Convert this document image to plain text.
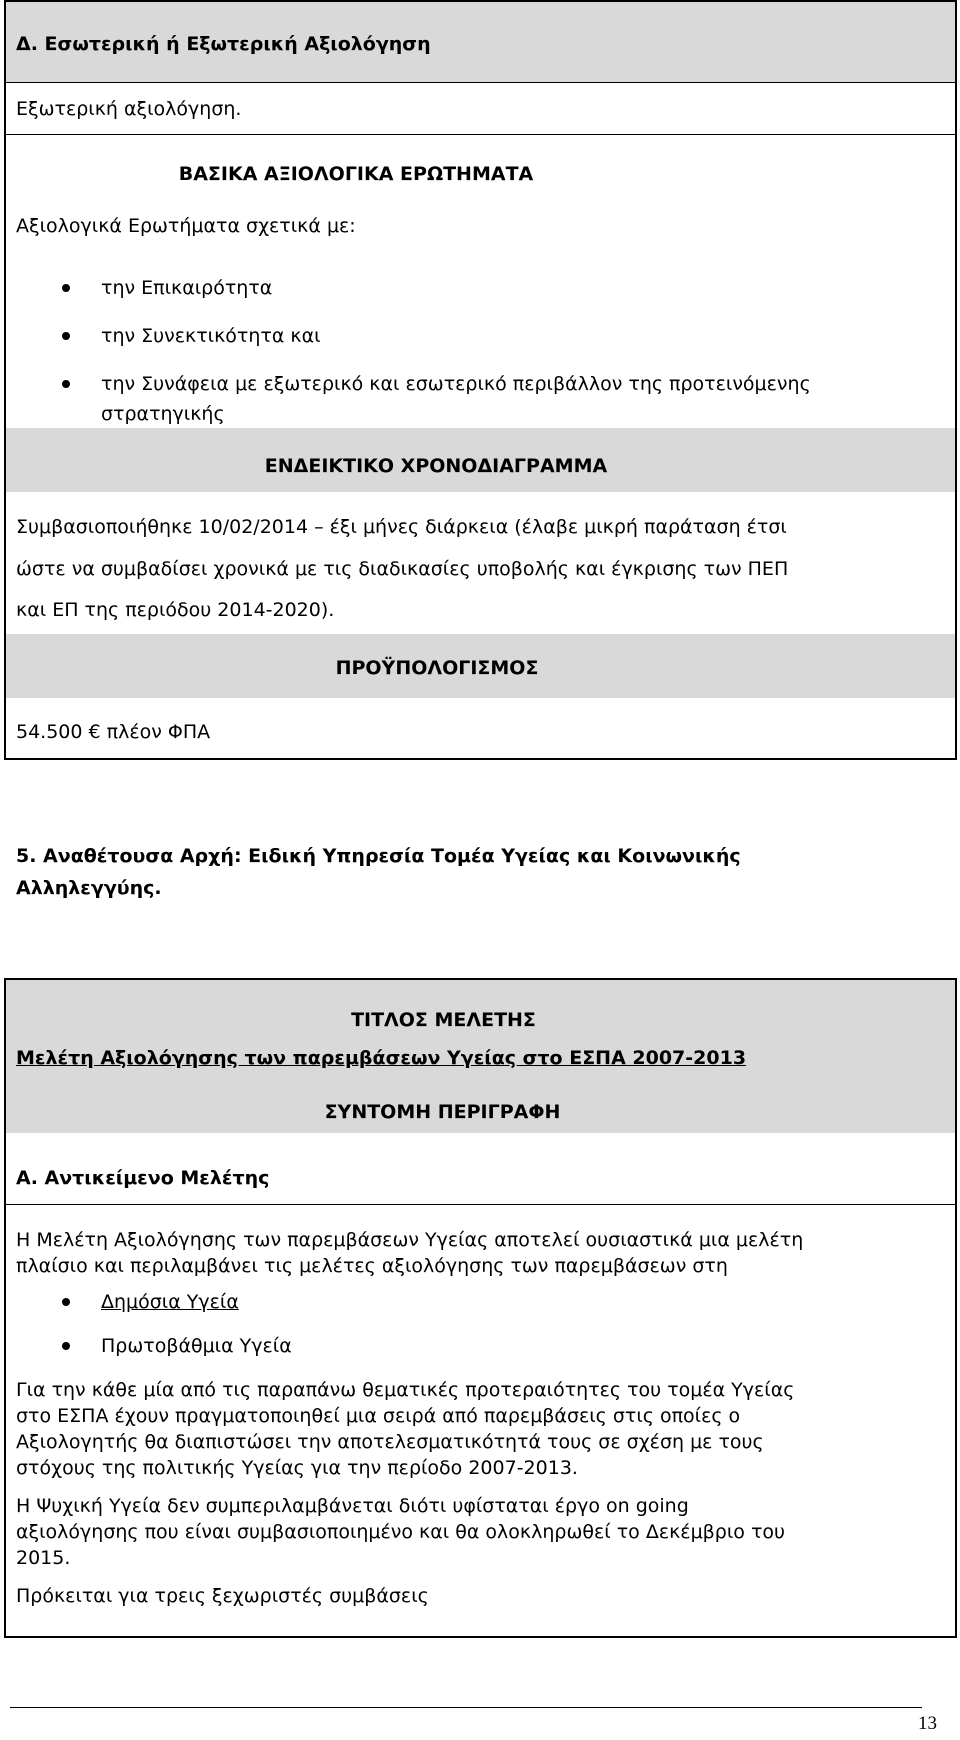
Δ. Εσωτερική ή Εξωτερική Αξιολόγηση
Εξωτερική αξιολόγηση.
ΒΑΣΙΚΑ ΑΞΙΟΛΟΓΙΚΑ ΕΡΩΤΗΜΑΤΑ
Αξιολογικά Ερωτήματα σχετικά με:
την Επικαιρότητα
την Συνεκτικότητα και
την Συνάφεια με εξωτερικό και εσωτερικό περιβάλλον της προτεινόμενης
στρατηγικής
ΕΝΔΕΙΚΤΙΚΟ ΧΡΟΝΟΔΙΑΓΡΑΜΜΑ
Συμβασιοποιήθηκε 10/02/2014 – έξι μήνες διάρκεια (έλαβε μικρή παράταση έτσι
ώστε να συμβαδίσει χρονικά με τις διαδικασίες υποβολής και έγκρισης των ΠΕΠ
και ΕΠ της περιόδου 2014-2020).
ΠΡΟΫΠΟΛΟΓΙΣΜΟΣ
54.500 € πλέον ΦΠΑ
5. Αναθέτουσα Αρχή: Ειδική Υπηρεσία Τομέα Υγείας και Κοινωνικής
Αλληλεγγύης.
ΤΙΤΛΟΣ ΜΕΛΕΤΗΣ
Μελέτη Αξιολόγησης των παρεμβάσεων Υγείας στο ΕΣΠΑ 2007-2013
ΣΥΝΤΟΜΗ ΠΕΡΙΓΡΑΦΗ
Α. Αντικείμενο Μελέτης
Η Μελέτη Αξιολόγησης των παρεμβάσεων Υγείας αποτελεί ουσιαστικά μια μελέτη
πλαίσιο και περιλαμβάνει τις μελέτες αξιολόγησης των παρεμβάσεων στη
Δημόσια Υγεία
Πρωτοβάθμια Υγεία
Για την κάθε μία από τις παραπάνω θεματικές προτεραιότητες του τομέα Υγείας
στο ΕΣΠΑ έχουν πραγματοποιηθεί μια σειρά από παρεμβάσεις στις οποίες ο
Αξιολογητής θα διαπιστώσει την αποτελεσματικότητά τους σε σχέση με τους
στόχους της πολιτικής Υγείας για την περίοδο 2007-2013.
Η Ψυχική Υγεία δεν συμπεριλαμβάνεται διότι υφίσταται έργο on going
αξιολόγησης που είναι συμβασιοποιημένο και θα ολοκληρωθεί το Δεκέμβριο του
2015.
Πρόκειται για τρεις ξεχωριστές συμβάσεις
13
